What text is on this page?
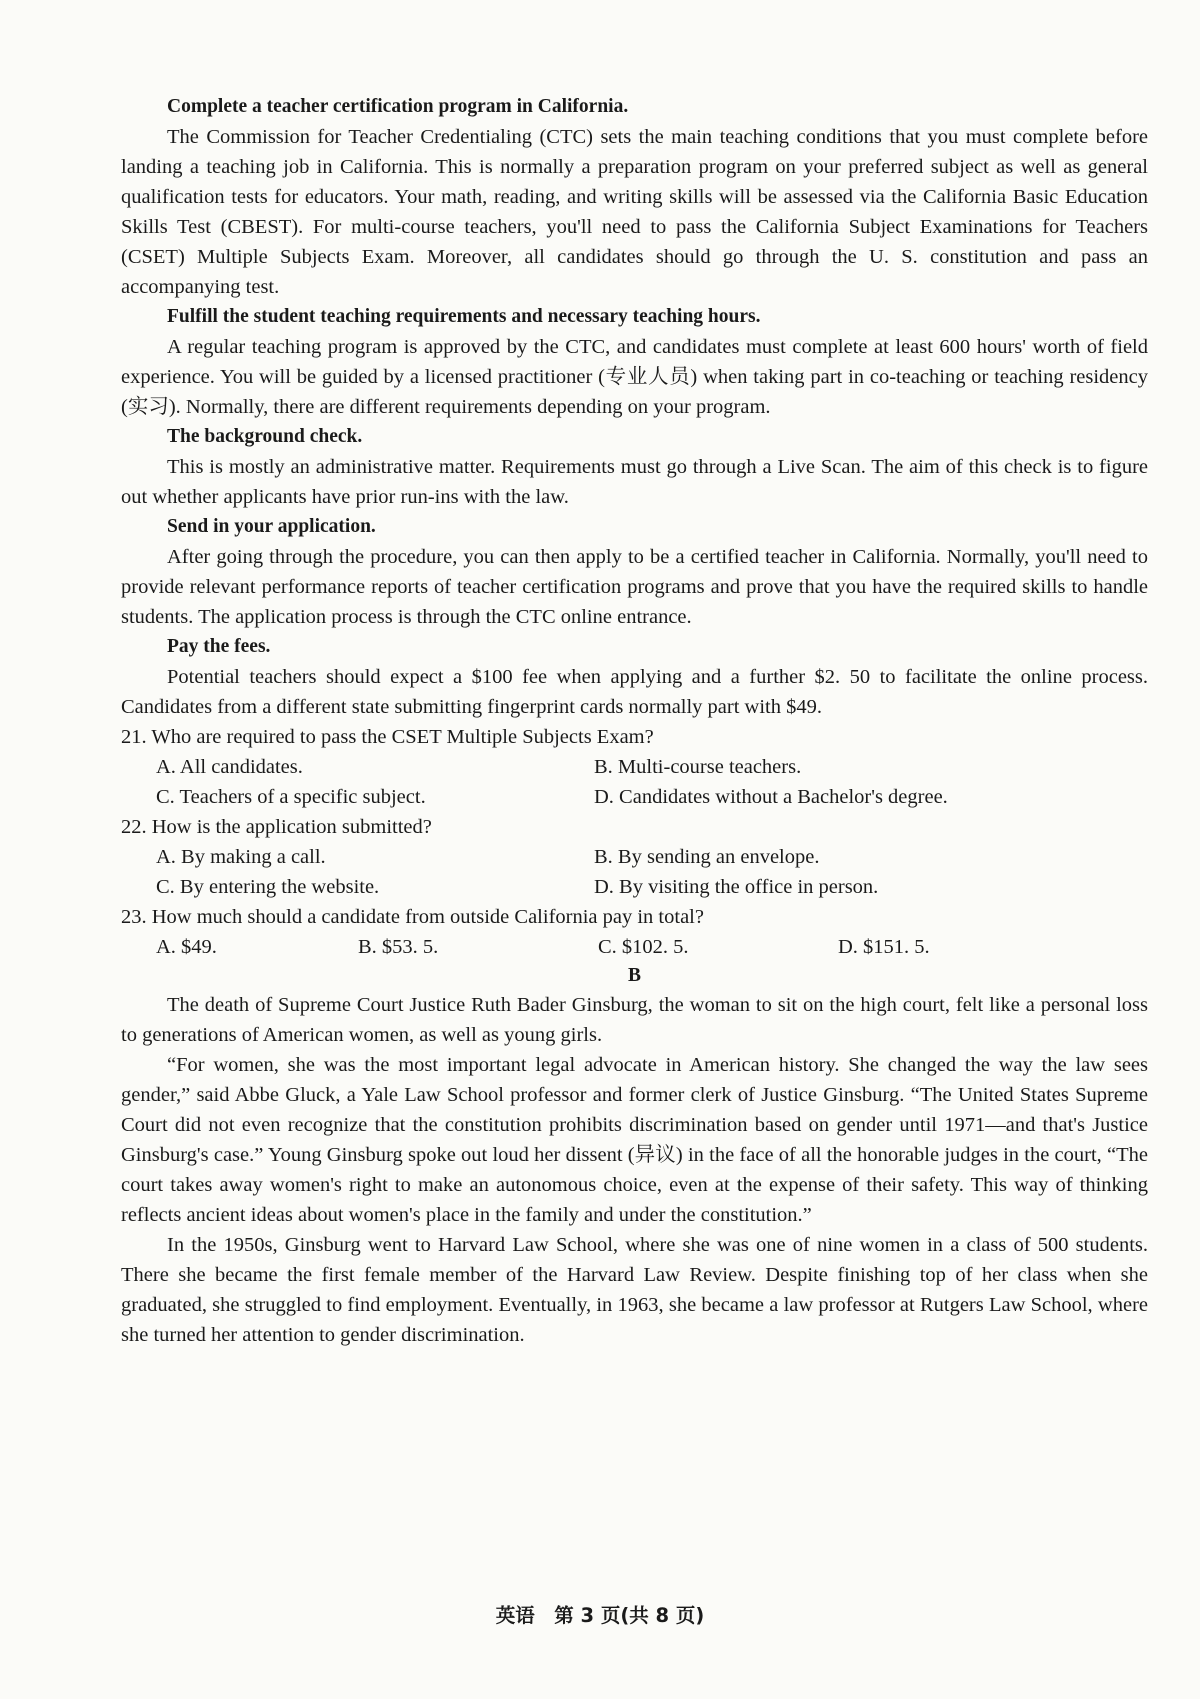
Complete a teacher certification program in California.

The Commission for Teacher Credentialing (CTC) sets the main teaching conditions that you must complete before landing a teaching job in California. This is normally a preparation program on your preferred subject as well as general qualification tests for educators. Your math, reading, and writing skills will be assessed via the California Basic Education Skills Test (CBEST). For multi-course teachers, you'll need to pass the California Subject Examinations for Teachers (CSET) Multiple Subjects Exam. Moreover, all candidates should go through the U. S. constitution and pass an accompanying test.

Fulfill the student teaching requirements and necessary teaching hours.

A regular teaching program is approved by the CTC, and candidates must complete at least 600 hours' worth of field experience. You will be guided by a licensed practitioner (专业人员) when taking part in co-teaching or teaching residency (实习). Normally, there are different requirements depending on your program.

The background check.

This is mostly an administrative matter. Requirements must go through a Live Scan. The aim of this check is to figure out whether applicants have prior run-ins with the law.

Send in your application.

After going through the procedure, you can then apply to be a certified teacher in California. Normally, you'll need to provide relevant performance reports of teacher certification programs and prove that you have the required skills to handle students. The application process is through the CTC online entrance.

Pay the fees.

Potential teachers should expect a $100 fee when applying and a further $2. 50 to facilitate the online process. Candidates from a different state submitting fingerprint cards normally part with $49.

21. Who are required to pass the CSET Multiple Subjects Exam?

A. All candidates.	B. Multi-course teachers.
C. Teachers of a specific subject.	D. Candidates without a Bachelor's degree.

22. How is the application submitted?

A. By making a call.	B. By sending an envelope.
C. By entering the website.	D. By visiting the office in person.

23. How much should a candidate from outside California pay in total?

A. $49.	B. $53. 5.	C. $102. 5.	D. $151. 5.

B

The death of Supreme Court Justice Ruth Bader Ginsburg, the woman to sit on the high court, felt like a personal loss to generations of American women, as well as young girls.

“For women, she was the most important legal advocate in American history. She changed the way the law sees gender,” said Abbe Gluck, a Yale Law School professor and former clerk of Justice Ginsburg. “The United States Supreme Court did not even recognize that the constitution prohibits discrimination based on gender until 1971—and that's Justice Ginsburg's case.” Young Ginsburg spoke out loud her dissent (异议) in the face of all the honorable judges in the court, “The court takes away women's right to make an autonomous choice, even at the expense of their safety. This way of thinking reflects ancient ideas about women's place in the family and under the constitution.”

In the 1950s, Ginsburg went to Harvard Law School, where she was one of nine women in a class of 500 students. There she became the first female member of the Harvard Law Review. Despite finishing top of her class when she graduated, she struggled to find employment. Eventually, in 1963, she became a law professor at Rutgers Law School, where she turned her attention to gender discrimination.

英语　第 3 页(共 8 页)
